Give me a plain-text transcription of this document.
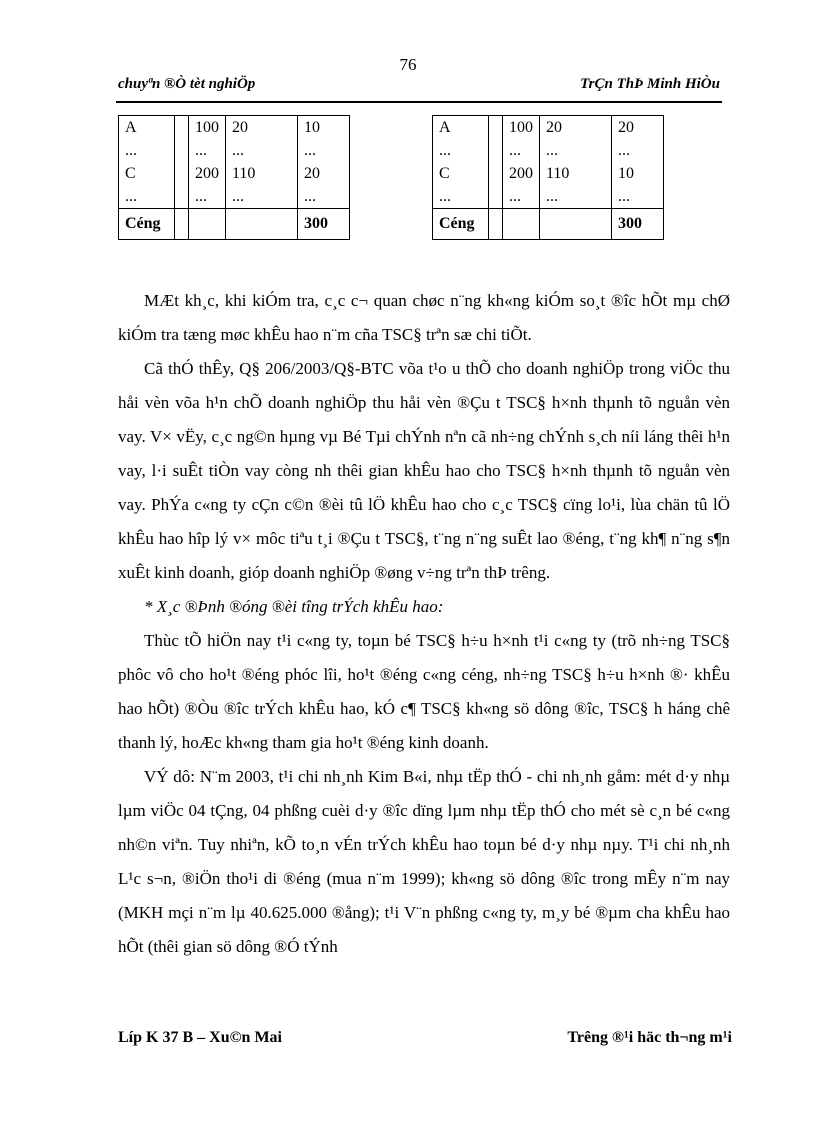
76
chuyªn ®Ò tèt nghiÖp	TrÇn ThÞ Minh HiÒu
A		100	20	10
...		...	...	...
C		200	110	20
...		...	...	...
Céng				300
A		100	20	20
...		...	...	...
C		200	110	10
...		...	...	...
Céng				300

MÆt kh¸c, khi kiÓm tra, c¸c c¬ quan chøc n¨ng kh«ng kiÓm so¸t ®îc hÕt mµ chØ kiÓm tra tæng møc khÊu hao n¨m cña TSC§ trªn sæ chi tiÕt.

Cã thÓ thÊy, Q§ 206/2003/Q§-BTC võa t¹o u thÕ cho doanh nghiÖp trong viÖc thu håi vèn võa h¹n chÕ doanh nghiÖp thu håi vèn ®Çu t TSC§ h×nh thµnh tõ nguån vèn vay. V× vËy, c¸c ng©n hµng vµ Bé Tµi chÝnh nªn cã nh÷ng chÝnh s¸ch níi láng thêi h¹n vay, l·i suÊt tiÒn vay còng nh thêi gian khÊu hao cho TSC§ h×nh thµnh tõ nguån vèn vay. PhÝa c«ng ty cÇn c©n ®èi tû lÖ khÊu hao cho c¸c TSC§ cïng lo¹i, lùa chän tû lÖ khÊu hao hîp lý v× môc tiªu t¸i ®Çu t TSC§, t¨ng n¨ng suÊt lao ®éng, t¨ng kh¶ n¨ng s¶n xuÊt kinh doanh, gióp doanh nghiÖp ®øng v÷ng trªn thÞ trêng.

* X¸c ®Þnh ®óng ®èi tîng trÝch khÊu hao:

Thùc tÕ hiÖn nay t¹i c«ng ty, toµn bé TSC§ h÷u h×nh t¹i c«ng ty (trõ nh÷ng TSC§ phôc vô cho ho¹t ®éng phóc lîi, ho¹t ®éng c«ng céng, nh÷ng TSC§ h÷u h×nh ®· khÊu hao hÕt) ®Òu ®îc trÝch khÊu hao, kÓ c¶ TSC§ kh«ng sö dông ®îc, TSC§ h háng chê thanh lý, hoÆc kh«ng tham gia ho¹t ®éng kinh doanh.

VÝ dô: N¨m 2003, t¹i chi nh¸nh Kim B«i, nhµ tËp thÓ - chi nh¸nh gåm: mét d·y nhµ lµm viÖc 04 tÇng, 04 phßng cuèi d·y ®îc dïng lµm nhµ tËp thÓ cho mét sè c¸n bé c«ng nh©n viªn. Tuy nhiªn, kÕ to¸n vÉn trÝch khÊu hao toµn bé d·y nhµ nµy. T¹i chi nh¸nh L¹c s¬n, ®iÖn tho¹i di ®éng (mua n¨m 1999); kh«ng sö dông ®îc trong mÊy n¨m nay (MKH mçi n¨m lµ 40.625.000 ®ång); t¹i V¨n phßng c«ng ty, m¸y bé ®µm cha khÊu hao hÕt (thêi gian sö dông ®Ó tÝnh

Líp K 37 B – Xu©n Mai	Trêng ®¹i häc th¬ng m¹i
